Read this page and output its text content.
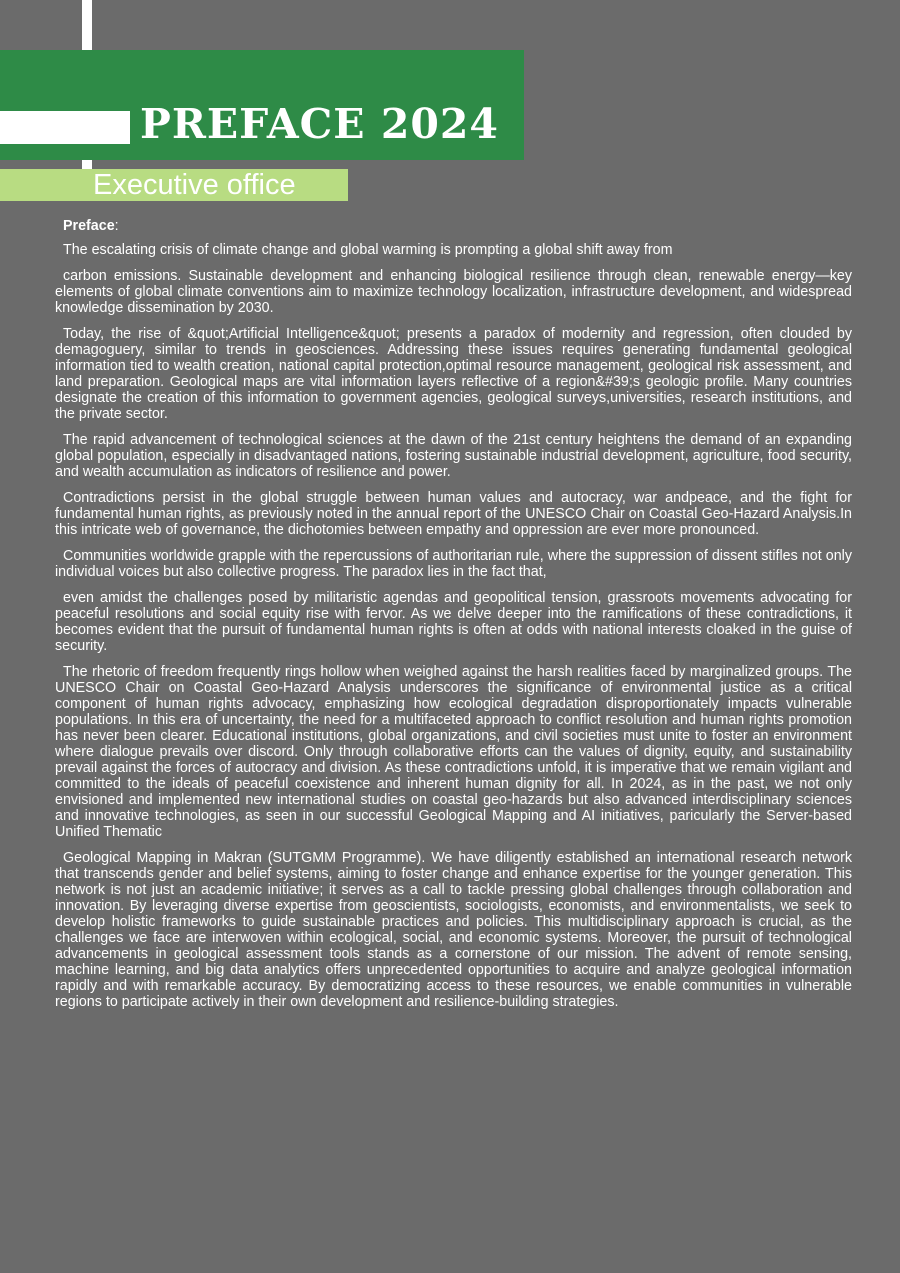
PREFACE 2024
Executive office

Preface:

The escalating crisis of climate change and global warming is prompting a global shift away from

carbon emissions. Sustainable development and enhancing biological resilience through clean, renewable energy—key elements of global climate conventions aim to maximize technology localization, infrastructure development, and widespread knowledge dissemination by 2030.

Today, the rise of &quot;Artificial Intelligence&quot; presents a paradox of modernity and regression, often clouded by demagoguery, similar to trends in geosciences. Addressing these issues requires generating fundamental geological information tied to wealth creation, national capital protection,optimal resource management, geological risk assessment, and land preparation. Geological maps are vital information layers reflective of a region&#39;s geologic profile. Many countries designate the creation of this information to government agencies, geological surveys,universities, research institutions, and the private sector.

The rapid advancement of technological sciences at the dawn of the 21st century heightens the demand of an expanding global population, especially in disadvantaged nations, fostering sustainable industrial development, agriculture, food security, and wealth accumulation as indicators of resilience and power.

Contradictions persist in the global struggle between human values and autocracy, war andpeace, and the fight for fundamental human rights, as previously noted in the annual report of the UNESCO Chair on Coastal Geo-Hazard Analysis.In this intricate web of governance, the dichotomies between empathy and oppression are ever more pronounced.

Communities worldwide grapple with the repercussions of authoritarian rule, where the suppression of dissent stifles not only individual voices but also collective progress. The paradox lies in the fact that,

even amidst the challenges posed by militaristic agendas and geopolitical tension, grassroots movements advocating for peaceful resolutions and social equity rise with fervor. As we delve deeper into the ramifications of these contradictions, it becomes evident that the pursuit of fundamental human rights is often at odds with national interests cloaked in the guise of security.

The rhetoric of freedom frequently rings hollow when weighed against the harsh realities faced by marginalized groups. The UNESCO Chair on Coastal Geo-Hazard Analysis underscores the significance of environmental justice as a critical component of human rights advocacy, emphasizing how ecological degradation disproportionately impacts vulnerable populations. In this era of uncertainty, the need for a multifaceted approach to conflict resolution and human rights promotion has never been clearer. Educational institutions, global organizations, and civil societies must unite to foster an environment where dialogue prevails over discord. Only through collaborative efforts can the values of dignity, equity, and sustainability prevail against the forces of autocracy and division. As these contradictions unfold, it is imperative that we remain vigilant and committed to the ideals of peaceful coexistence and inherent human dignity for all. In 2024, as in the past, we not only envisioned and implemented new international studies on coastal geo-hazards but also advanced interdisciplinary sciences and innovative technologies, as seen in our successful Geological Mapping and AI initiatives, paricularly the Server-based Unified Thematic

Geological Mapping in Makran (SUTGMM Programme). We have diligently established an international research network that transcends gender and belief systems, aiming to foster change and enhance expertise for the younger generation. This network is not just an academic initiative; it serves as a call to tackle pressing global challenges through collaboration and innovation. By leveraging diverse expertise from geoscientists, sociologists, economists, and environmentalists, we seek to develop holistic frameworks to guide sustainable practices and policies. This multidisciplinary approach is crucial, as the challenges we face are interwoven within ecological, social, and economic systems. Moreover, the pursuit of technological advancements in geological assessment tools stands as a cornerstone of our mission. The advent of remote sensing, machine learning, and big data analytics offers unprecedented opportunities to acquire and analyze geological information rapidly and with remarkable accuracy. By democratizing access to these resources, we enable communities in vulnerable regions to participate actively in their own development and resilience-building strategies.
